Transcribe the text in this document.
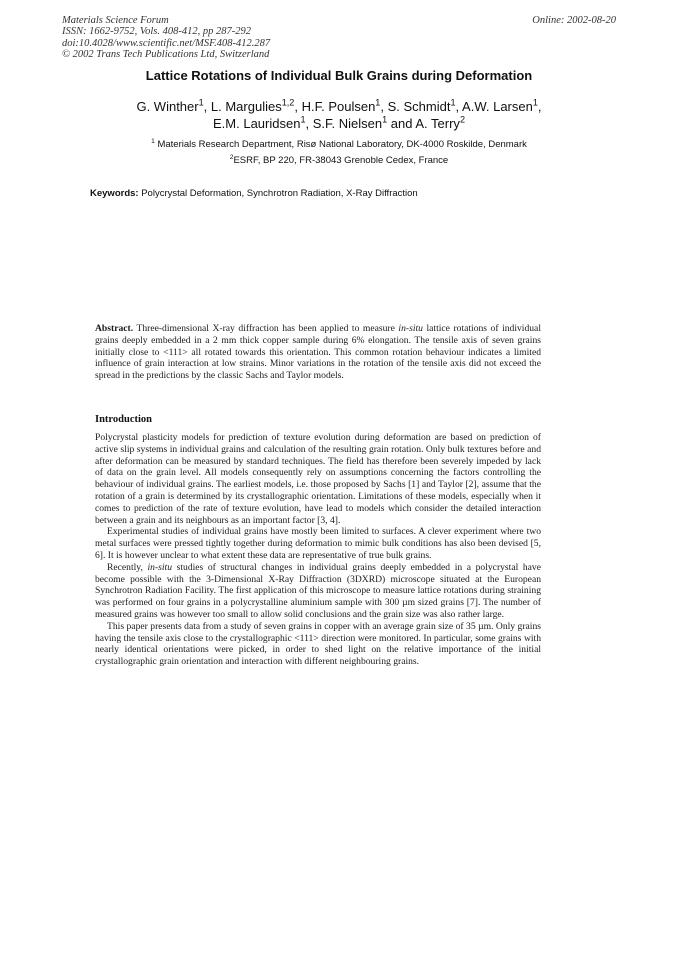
Materials Science Forum
ISSN: 1662-9752, Vols. 408-412, pp 287-292
doi:10.4028/www.scientific.net/MSF.408-412.287
© 2002 Trans Tech Publications Ltd, Switzerland
Online: 2002-08-20
Lattice Rotations of Individual Bulk Grains during Deformation
G. Winther$^1$, L. Margulies$^{1,2}$, H.F. Poulsen$^1$, S. Schmidt$^1$, A.W. Larsen$^1$,
E.M. Lauridsen$^1$, S.F. Nielsen$^1$ and A. Terry$^2$
$^1$ Materials Research Department, Risø National Laboratory, DK-4000 Roskilde, Denmark
$^2$ESRF, BP 220, FR-38043 Grenoble Cedex, France
Keywords: Polycrystal Deformation, Synchrotron Radiation, X-Ray Diffraction
Abstract. Three-dimensional X-ray diffraction has been applied to measure in-situ lattice rotations of individual grains deeply embedded in a 2 mm thick copper sample during 6% elongation. The tensile axis of seven grains initially close to <111> all rotated towards this orientation. This common rotation behaviour indicates a limited influence of grain interaction at low strains. Minor variations in the rotation of the tensile axis did not exceed the spread in the predictions by the classic Sachs and Taylor models.
Introduction

Polycrystal plasticity models for prediction of texture evolution during deformation are based on prediction of active slip systems in individual grains and calculation of the resulting grain rotation. Only bulk textures before and after deformation can be measured by standard techniques. The field has therefore been severely impeded by lack of data on the grain level. All models consequently rely on assumptions concerning the factors controlling the behaviour of individual grains. The earliest models, i.e. those proposed by Sachs [1] and Taylor [2], assume that the rotation of a grain is determined by its crystallographic orientation. Limitations of these models, especially when it comes to prediction of the rate of texture evolution, have lead to models which consider the detailed interaction between a grain and its neighbours as an important factor [3, 4].

Experimental studies of individual grains have mostly been limited to surfaces. A clever experiment where two metal surfaces were pressed tightly together during deformation to mimic bulk conditions has also been devised [5, 6]. It is however unclear to what extent these data are representative of true bulk grains.

Recently, in-situ studies of structural changes in individual grains deeply embedded in a polycrystal have become possible with the 3-Dimensional X-Ray Diffraction (3DXRD) microscope situated at the European Synchrotron Radiation Facility. The first application of this microscope to measure lattice rotations during straining was performed on four grains in a polycrystalline aluminium sample with 300 µm sized grains [7]. The number of measured grains was however too small to allow solid conclusions and the grain size was also rather large.

This paper presents data from a study of seven grains in copper with an average grain size of 35 µm. Only grains having the tensile axis close to the crystallographic <111> direction were monitored. In particular, some grains with nearly identical orientations were picked, in order to shed light on the relative importance of the initial crystallographic grain orientation and interaction with different neighbouring grains.
